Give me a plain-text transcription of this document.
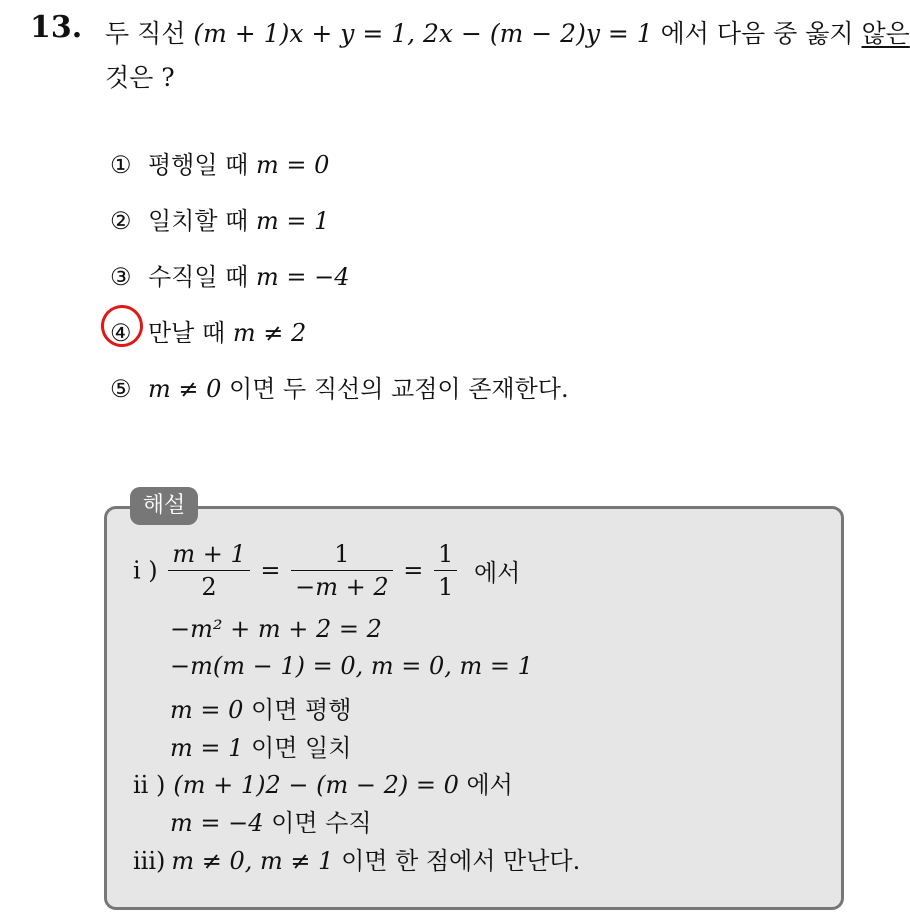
13. 두 직선 (m + 1)x + y = 1, 2x − (m − 2)y = 1 에서 다음 중 옳지 않은
것은 ?
① 평행일 때 m = 0
② 일치할 때 m = 1
③ 수직일 때 m = −4
④ 만날 때 m ≠ 2
⑤ m ≠ 0 이면 두 직선의 교점이 존재한다.
해설
i ) $\frac{m + 1}{2} = \frac{1}{-m + 2} = \frac{1}{1}$ 에서
−m² + m + 2 = 2
−m(m − 1) = 0, m = 0, m = 1
m = 0 이면 평행
m = 1 이면 일치
ii ) (m + 1)2 − (m − 2) = 0 에서
m = −4 이면 수직
iii) m ≠ 0, m ≠ 1 이면 한 점에서 만난다.
